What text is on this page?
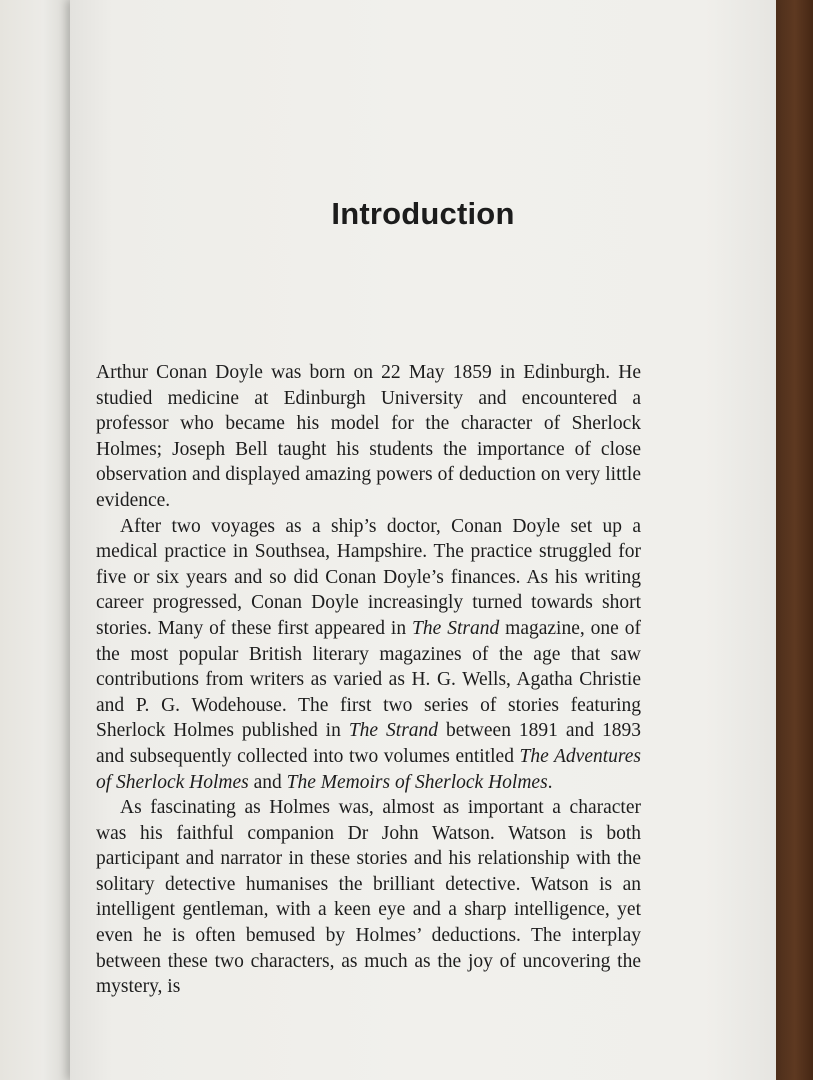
Introduction

Arthur Conan Doyle was born on 22 May 1859 in Edinburgh. He studied medicine at Edinburgh University and encountered a professor who became his model for the character of Sherlock Holmes; Joseph Bell taught his students the importance of close observation and displayed amazing powers of deduction on very little evidence.

After two voyages as a ship’s doctor, Conan Doyle set up a medical practice in Southsea, Hampshire. The practice struggled for five or six years and so did Conan Doyle’s finances. As his writing career progressed, Conan Doyle increasingly turned towards short stories. Many of these first appeared in The Strand magazine, one of the most popular British literary magazines of the age that saw contributions from writers as varied as H. G. Wells, Agatha Christie and P. G. Wodehouse. The first two series of stories featuring Sherlock Holmes published in The Strand between 1891 and 1893 and subsequently collected into two volumes entitled The Adventures of Sherlock Holmes and The Memoirs of Sherlock Holmes.

As fascinating as Holmes was, almost as important a character was his faithful companion Dr John Watson. Watson is both participant and narrator in these stories and his relationship with the solitary detective humanises the brilliant detective. Watson is an intelligent gentleman, with a keen eye and a sharp intelligence, yet even he is often bemused by Holmes’ deductions. The interplay between these two characters, as much as the joy of uncovering the mystery, is
